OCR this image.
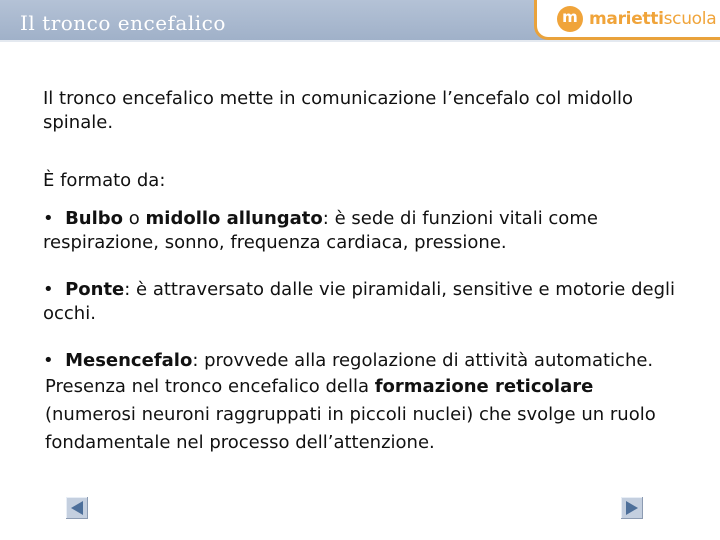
Il tronco encefalico	m mariettiscuola

Il tronco encefalico mette in comunicazione l’encefalo col midollo spinale.

È formato da:

• Bulbo o midollo allungato: è sede di funzioni vitali come respirazione, sonno, frequenza cardiaca, pressione.

• Ponte: è attraversato dalle vie piramidali, sensitive e motorie degli occhi.

• Mesencefalo: provvede alla regolazione di attività automatiche.

Presenza nel tronco encefalico della formazione reticolare (numerosi neuroni raggruppati in piccoli nuclei) che svolge un ruolo fondamentale nel processo dell’attenzione.
